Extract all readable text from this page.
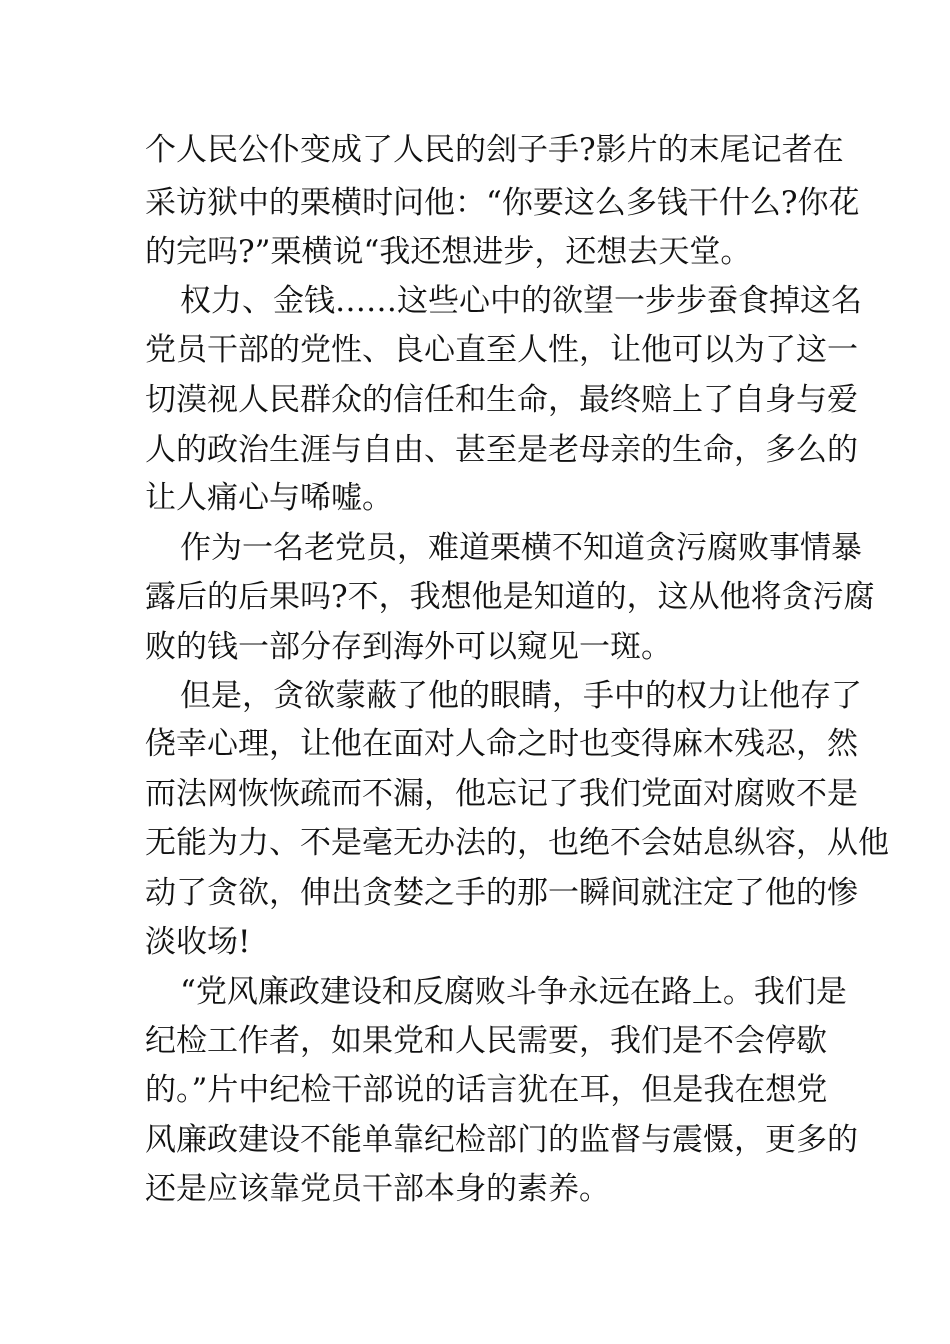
个人民公仆变成了人民的刽子手?影片的末尾记者在
采访狱中的栗横时问他：“你要这么多钱干什么?你花
的完吗?”栗横说“我还想进步，还想去天堂。
权力、金钱……这些心中的欲望一步步蚕食掉这名
党员干部的党性、良心直至人性，让他可以为了这一
切漠视人民群众的信任和生命，最终赔上了自身与爱
人的政治生涯与自由、甚至是老母亲的生命，多么的
让人痛心与唏嘘。
作为一名老党员，难道栗横不知道贪污腐败事情暴
露后的后果吗?不，我想他是知道的，这从他将贪污腐
败的钱一部分存到海外可以窥见一斑。
但是，贪欲蒙蔽了他的眼睛，手中的权力让他存了
侥幸心理，让他在面对人命之时也变得麻木残忍，然
而法网恢恢疏而不漏，他忘记了我们党面对腐败不是
无能为力、不是毫无办法的，也绝不会姑息纵容，从他
动了贪欲，伸出贪婪之手的那一瞬间就注定了他的惨
淡收场!
“党风廉政建设和反腐败斗争永远在路上。我们是
纪检工作者，如果党和人民需要，我们是不会停歇
的。”片中纪检干部说的话言犹在耳，但是我在想党
风廉政建设不能单靠纪检部门的监督与震慑，更多的
还是应该靠党员干部本身的素养。
